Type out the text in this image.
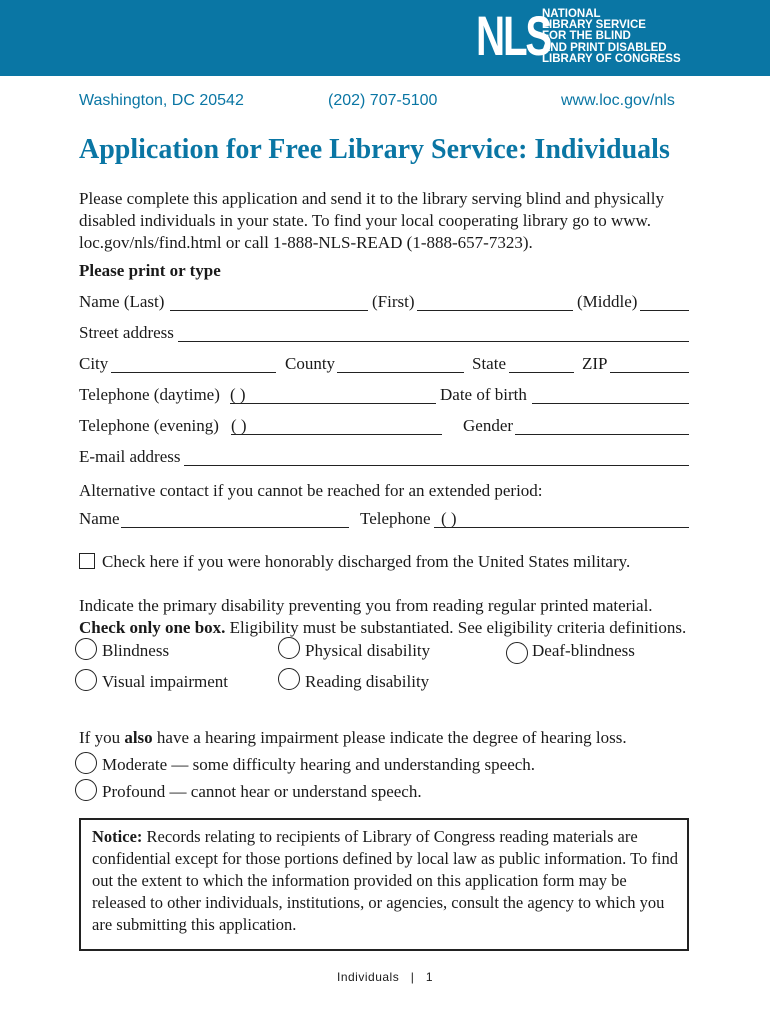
NLS
NATIONAL
LIBRARY SERVICE
FOR THE BLIND
AND PRINT DISABLED
LIBRARY OF CONGRESS
Washington, DC 20542	(202) 707-5100	www.loc.gov/nls
Application for Free Library Service: Individuals
Please complete this application and send it to the library serving blind and physically disabled individuals in your state. To find your local cooperating library go to www. loc.gov/nls/find.html or call 1-888-NLS-READ (1-888-657-7323).
Please print or type
Name (Last)	(First)	(Middle)
Street address
City	County	State	ZIP
Telephone (daytime) ( )	Date of birth
Telephone (evening) ( )	Gender
E-mail address
Alternative contact if you cannot be reached for an extended period:
Name	Telephone ( )
Check here if you were honorably discharged from the United States military.
Indicate the primary disability preventing you from reading regular printed material.
Check only one box. Eligibility must be substantiated. See eligibility criteria definitions.
Blindness	Physical disability	Deaf-blindness
Visual impairment	Reading disability
If you also have a hearing impairment please indicate the degree of hearing loss.
Moderate — some difficulty hearing and understanding speech.
Profound — cannot hear or understand speech.
Notice: Records relating to recipients of Library of Congress reading materials are confidential except for those portions defined by local law as public information. To find out the extent to which the information provided on this application form may be released to other individuals, institutions, or agencies, consult the agency to which you are submitting this application.
Individuals   |   1
